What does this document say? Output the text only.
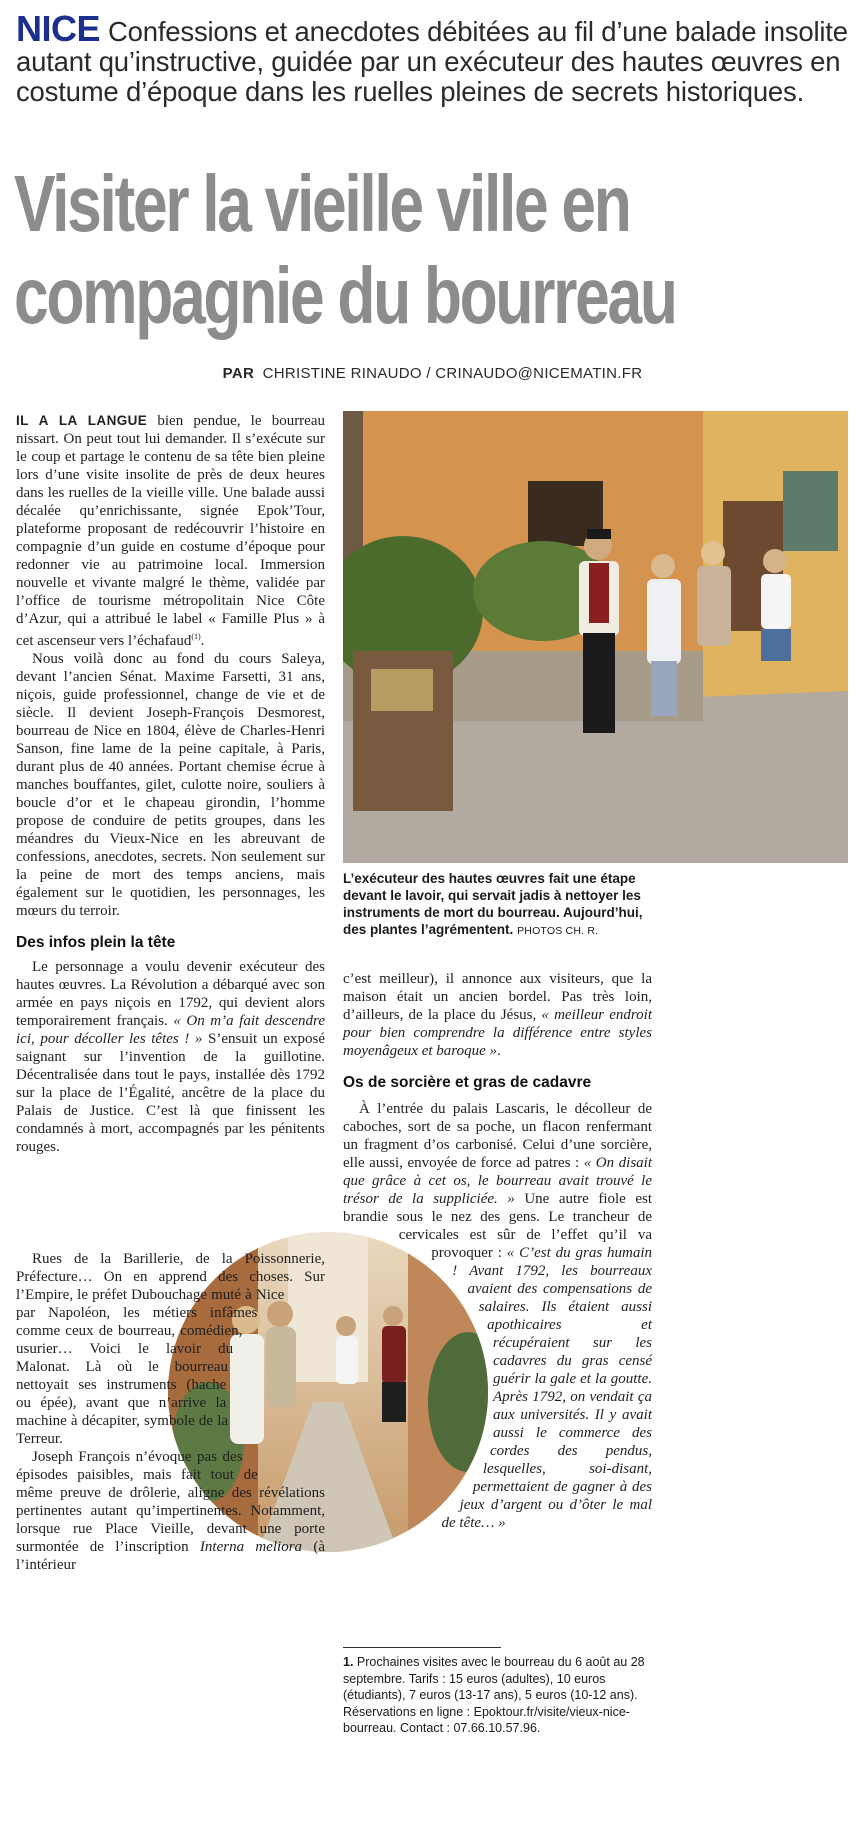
NICE Confessions et anecdotes débitées au fil d’une balade insolite autant qu’instructive, guidée par un exécuteur des hautes œuvres en costume d’époque dans les ruelles pleines de secrets historiques.
Visiter la vieille ville en
compagnie du bourreau
PAR CHRISTINE RINAUDO / CRINAUDO@NICEMATIN.FR

IL A LA LANGUE bien pendue, le bourreau nissart. On peut tout lui demander. Il s’exécute sur le coup et partage le contenu de sa tête bien pleine lors d’une visite insolite de près de deux heures dans les ruelles de la vieille ville. Une balade aussi décalée qu’enrichissante, signée Epok’Tour, plateforme proposant de redécouvrir l’histoire en compagnie d’un guide en costume d’époque pour redonner vie au patrimoine local. Immersion nouvelle et vivante malgré le thème, validée par l’office de tourisme métropolitain Nice Côte d’Azur, qui a attribué le label « Famille Plus » à cet ascenseur vers l’échafaud$^{(1)}$.

Nous voilà donc au fond du cours Saleya, devant l’ancien Sénat. Maxime Farsetti, 31 ans, niçois, guide professionnel, change de vie et de siècle. Il devient Joseph-François Desmorest, bourreau de Nice en 1804, élève de Charles-Henri Sanson, fine lame de la peine capitale, à Paris, durant plus de 40 années. Portant chemise écrue à manches bouffantes, gilet, culotte noire, souliers à boucle d’or et le chapeau girondin, l’homme propose de conduire de petits groupes, dans les méandres du Vieux-Nice en les abreuvant de confessions, anecdotes, secrets. Non seulement sur la peine de mort des temps anciens, mais également sur le quotidien, les personnages, les mœurs du terroir.

Des infos plein la tête

Le personnage a voulu devenir exécuteur des hautes œuvres. La Révolution a débarqué avec son armée en pays niçois en 1792, qui devient alors temporairement français. « On m’a fait descendre ici, pour décoller les têtes ! » S’ensuit un exposé saignant sur l’invention de la guillotine. Décentralisée dans tout le pays, installée dès 1792 sur la place de l’Égalité, ancêtre de la place du Palais de Justice. C’est là que finissent les condamnés à mort, accompagnés par les pénitents rouges.

Rues de la Barillerie, de la Poissonnerie, Préfecture… On en apprend des choses. Sur l’Empire, le préfet Dubouchage muté à Nice par Napoléon, les métiers infâmes comme ceux de bourreau, comédien, usurier… Voici le lavoir du Malonat. Là où le bourreau nettoyait ses instruments (hache ou épée), avant que n’arrive la machine à décapiter, symbole de la Terreur.

Joseph François n’évoque pas des épisodes paisibles, mais fait tout de même preuve de drôlerie, aligne des révélations pertinentes autant qu’impertinentes. Notamment, lorsque rue Place Vieille, devant une porte surmontée de l’inscription Interna meliora (à l’intérieur

L’exécuteur des hautes œuvres fait une étape devant le lavoir, qui servait jadis à nettoyer les instruments de mort du bourreau. Aujourd’hui, des plantes l’agrémentent. PHOTOS CH. R.

c’est meilleur), il annonce aux visiteurs, que la maison était un ancien bordel. Pas très loin, d’ailleurs, de la place du Jésus, « meilleur endroit pour bien comprendre la différence entre styles moyenâgeux et baroque ».

Os de sorcière et gras de cadavre

À l’entrée du palais Lascaris, le décolleur de caboches, sort de sa poche, un flacon renfermant un fragment d’os carbonisé. Celui d’une sorcière, elle aussi, envoyée de force ad patres : « On disait que grâce à cet os, le bourreau avait trouvé le trésor de la suppliciée. » Une autre fiole est brandie sous le nez des gens. Le trancheur de cervicales est sûr de l’effet qu’il va provoquer : « C’est du gras humain ! Avant 1792, les bourreaux avaient des compensations de salaires. Ils étaient aussi apothicaires et récupéraient sur les cadavres du gras censé guérir la gale et la goutte. Après 1792, on vendait ça aux universités. Il y avait aussi le commerce des cordes des pendus, lesquelles, soi-disant, permettaient de gagner à des jeux d’argent ou d’ôter le mal de tête… »

1. Prochaines visites avec le bourreau du 6 août au 28 septembre. Tarifs : 15 euros (adultes), 10 euros (étudiants), 7 euros (13-17 ans), 5 euros (10-12 ans). Réservations en ligne : Epoktour.fr/visite/vieux-nice-bourreau. Contact : 07.66.10.57.96.
